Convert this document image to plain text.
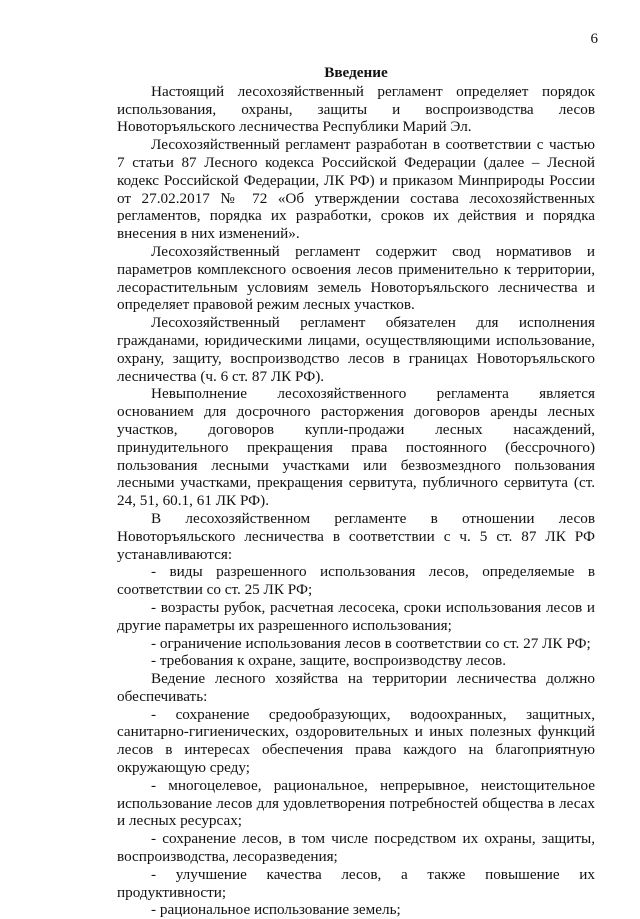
6
Введение

Настоящий лесохозяйственный регламент определяет порядок использования, охраны, защиты и воспроизводства лесов Новоторъяльского лесничества Республики Марий Эл.

Лесохозяйственный регламент разработан в соответствии с частью 7 статьи 87 Лесного кодекса Российской Федерации (далее – Лесной кодекс Российской Федерации, ЛК РФ) и приказом Минприроды России от 27.02.2017 № 72 «Об утверждении состава лесохозяйственных регламентов, порядка их разработки, сроков их действия и порядка внесения в них изменений».

Лесохозяйственный регламент содержит свод нормативов и параметров комплексного освоения лесов применительно к территории, лесорастительным условиям земель Новоторъяльского лесничества и определяет правовой режим лесных участков.

Лесохозяйственный регламент обязателен для исполнения гражданами, юридическими лицами, осуществляющими использование, охрану, защиту, воспроизводство лесов в границах Новоторъяльского лесничества (ч. 6 ст. 87 ЛК РФ).

Невыполнение лесохозяйственного регламента является основанием для досрочного расторжения договоров аренды лесных участков, договоров купли-продажи лесных насаждений, принудительного прекращения права постоянного (бессрочного) пользования лесными участками или безвозмездного пользования лесными участками, прекращения сервитута, публичного сервитута (ст. 24, 51, 60.1, 61 ЛК РФ).

В лесохозяйственном регламенте в отношении лесов Новоторъяльского лесничества в соответствии с ч. 5 ст. 87 ЛК РФ устанавливаются:

- виды разрешенного использования лесов, определяемые в соответствии со ст. 25 ЛК РФ;

- возрасты рубок, расчетная лесосека, сроки использования лесов и другие параметры их разрешенного использования;

- ограничение использования лесов в соответствии со ст. 27 ЛК РФ;

- требования к охране, защите, воспроизводству лесов.

Ведение лесного хозяйства на территории лесничества должно обеспечивать:

- сохранение средообразующих, водоохранных, защитных, санитарно-гигиенических, оздоровительных и иных полезных функций лесов в интересах обеспечения права каждого на благоприятную окружающую среду;

- многоцелевое, рациональное, непрерывное, неистощительное использование лесов для удовлетворения потребностей общества в лесах и лесных ресурсах;

- сохранение лесов, в том числе посредством их охраны, защиты, воспроизводства, лесоразведения;

- улучшение качества лесов, а также повышение их продуктивности;

- рациональное использование земель;
